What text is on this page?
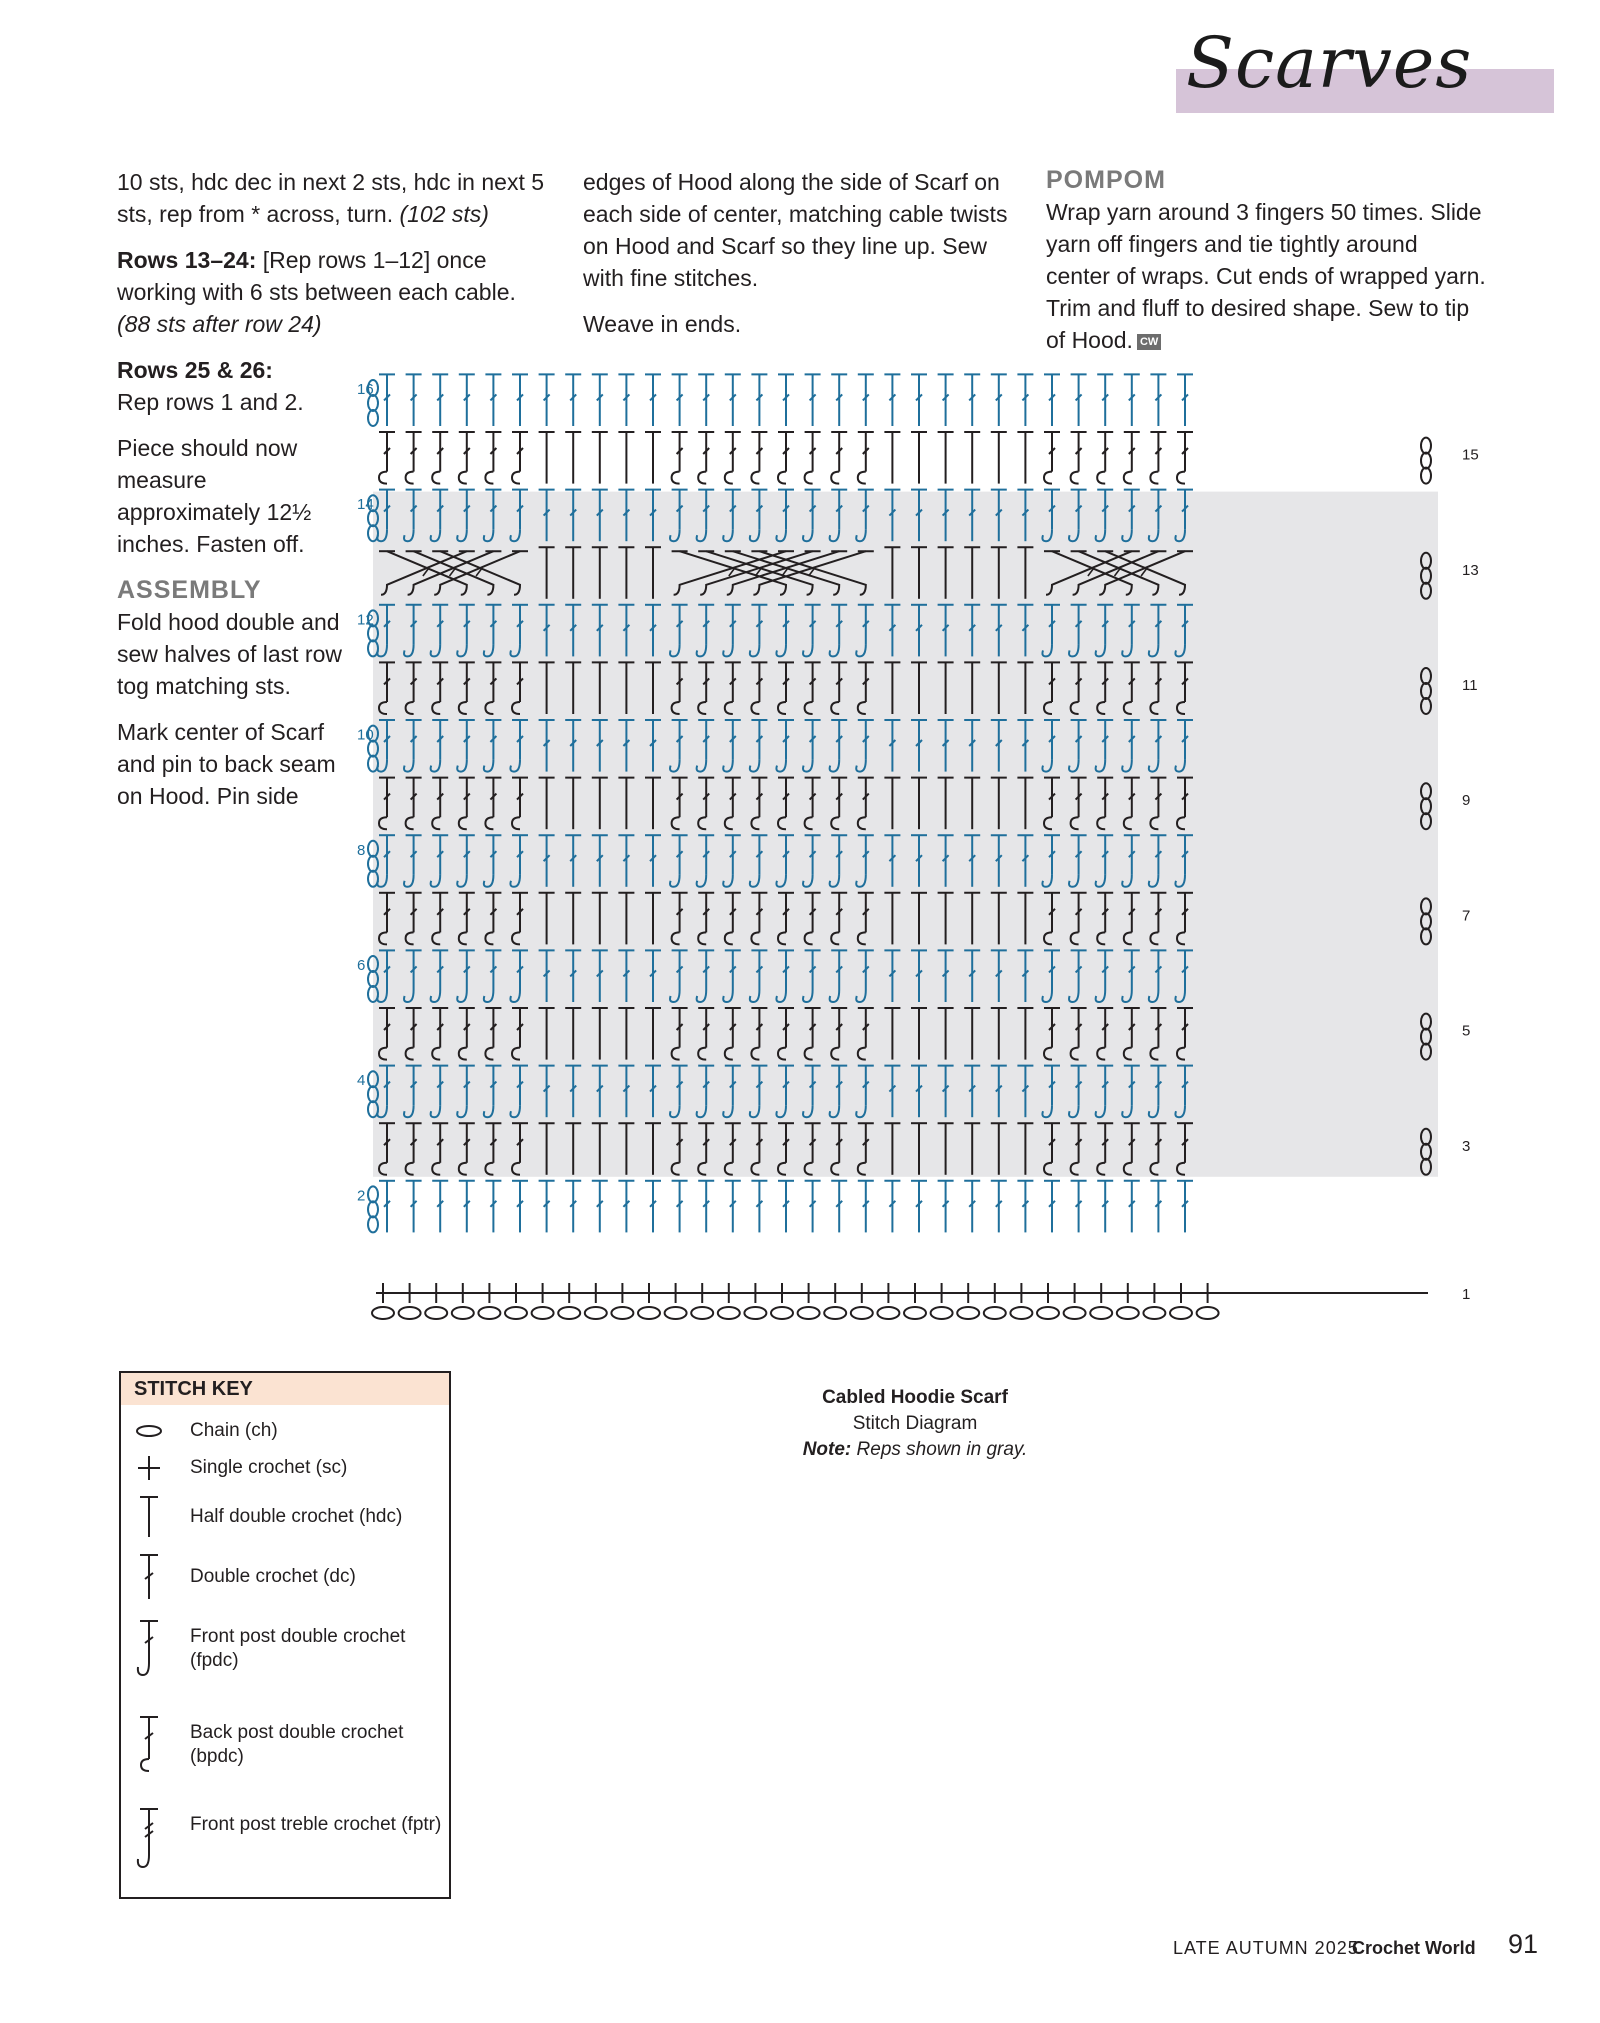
Scarves

10 sts, hdc dec in next 2 sts, hdc in next 5 sts, rep from * across, turn. (102 sts)

Rows 13–24: [Rep rows 1–12] once working with 6 sts between each cable. (88 sts after row 24)

Rows 25 & 26:
Rep rows 1 and 2.

Piece should now measure approximately 12½ inches. Fasten off.

ASSEMBLY

Fold hood double and sew halves of last row tog matching sts.

Mark center of Scarf and pin to back seam on Hood. Pin side

edges of Hood along the side of Scarf on each side of center, matching cable twists on Hood and Scarf so they line up. Sew with fine stitches.

Weave in ends.

POMPOM

Wrap yarn around 3 fingers 50 times. Slide yarn off fingers and tie tightly around center of wraps. Cut ends of wrapped yarn. Trim and fluff to desired shape. Sew to tip of Hood. CW

16
14
12
10
8
6
4
2
15
13
11
9
7
5
3
1
Cabled Hoodie Scarf
Stitch Diagram
Note: Reps shown in gray.
STITCH KEY
Chain (ch)
Single crochet (sc)
Half double crochet (hdc)
Double crochet (dc)
Front post double crochet (fpdc)
Back post double crochet (bpdc)
Front post treble crochet (fptr)
LATE AUTUMN 2025
Crochet World 91
